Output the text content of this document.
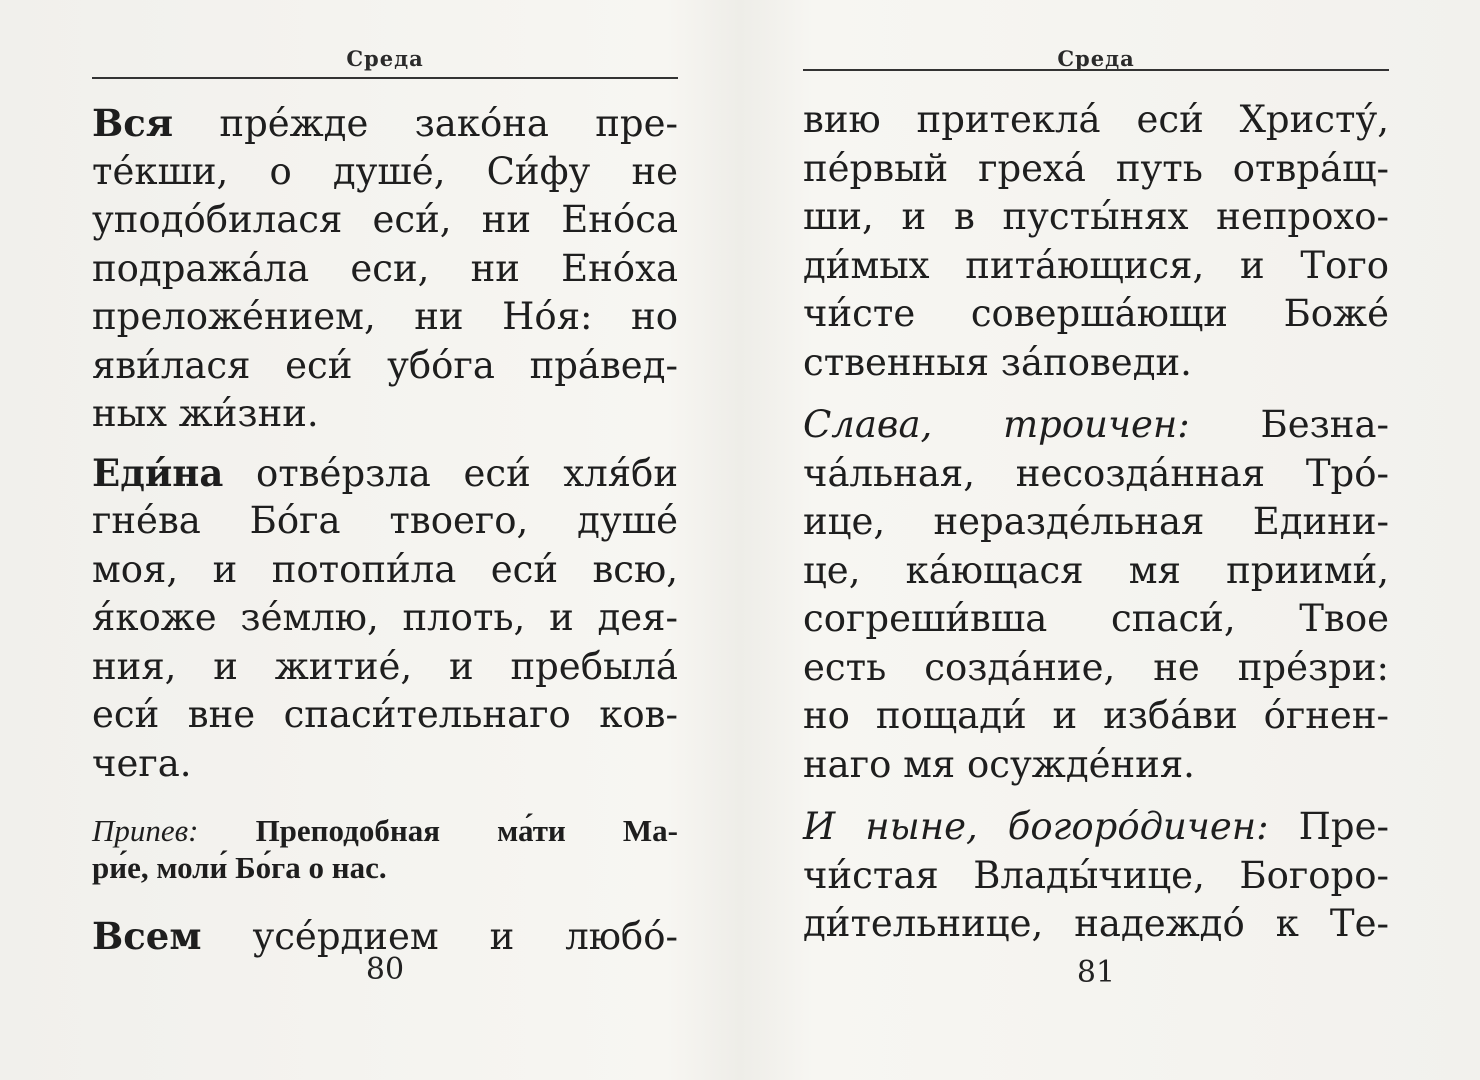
Среда

Вся пре́жде зако́на пре-
те́кши, о душе́, Си́фу не
уподо́билася еси́, ни Ено́са
подража́ла еси, ни Ено́ха
преложе́нием, ни Но́я: но
яви́лася еси́ убо́га пра́вед-
ных жи́зни.

Еди́на отве́рзла еси́ хля́би
гне́ва Бо́га твоего, душе́
моя, и потопи́ла еси́ всю,
я́коже зе́млю, плоть, и дея-
ния, и житие́, и пребыла́
еси́ вне спаси́тельнаго ков-
чега.

Припев: Преподобная ма́ти Ма-
ри́е, моли́ Бо́га о нас.

Всем усе́рдием и любо́-

80
Среда

вию притекла́ еси́ Христу́,
пе́рвый греха́ путь отвра́щ-
ши, и в пусты́нях непрохо-
ди́мых пита́ющися, и Того
чи́сте соверша́ющи Боже́
ственныя за́поведи.

Слава, троичен: Безна-
ча́льная, несозда́нная Тро́-
ице, нераздéльная Едини-
це, ка́ющася мя приими́,
согреши́вша спаси́, Твое
есть созда́ние, не пре́зри:
но пощади́ и изба́ви о́гнен-
наго мя осужде́ния.

И ныне, богоро́дичен: Пре-
чи́стая Влады́чице, Богоро-
ди́тельнице, надеждо́ к Те-

81
